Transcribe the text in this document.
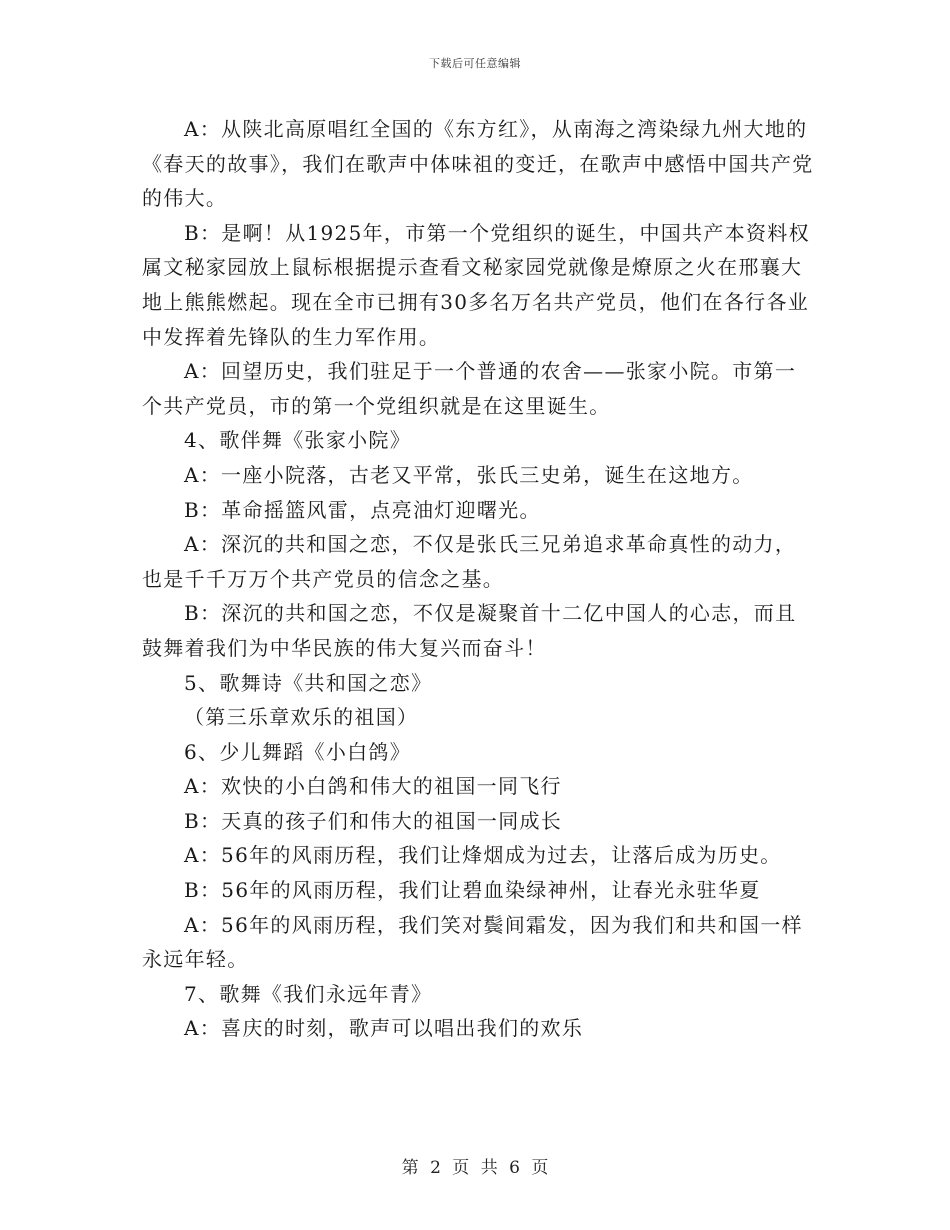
下载后可任意编辑

A：从陕北高原唱红全国的《东方红》，从南海之湾染绿九州大地的《春天的故事》，我们在歌声中体味祖的变迁，在歌声中感悟中国共产党的伟大。

B：是啊！从1925年，市第一个党组织的诞生，中国共产本资料权属文秘家园放上鼠标根据提示查看文秘家园党就像是燎原之火在邢襄大地上熊熊燃起。现在全市已拥有30多名万名共产党员，他们在各行各业中发挥着先锋队的生力军作用。

A：回望历史，我们驻足于一个普通的农舍——张家小院。市第一个共产党员，市的第一个党组织就是在这里诞生。

4、歌伴舞《张家小院》

A：一座小院落，古老又平常，张氏三史弟，诞生在这地方。

B：革命摇篮风雷，点亮油灯迎曙光。

A：深沉的共和国之恋，不仅是张氏三兄弟追求革命真性的动力，也是千千万万个共产党员的信念之基。

B：深沉的共和国之恋，不仅是凝聚首十二亿中国人的心志，而且鼓舞着我们为中华民族的伟大复兴而奋斗！

5、歌舞诗《共和国之恋》

（第三乐章欢乐的祖国）

6、少儿舞蹈《小白鸽》

A：欢快的小白鸽和伟大的祖国一同飞行

B：天真的孩子们和伟大的祖国一同成长

A：56年的风雨历程，我们让烽烟成为过去，让落后成为历史。

B：56年的风雨历程，我们让碧血染绿神州，让春光永驻华夏

A：56年的风雨历程，我们笑对鬓间霜发，因为我们和共和国一样永远年轻。

7、歌舞《我们永远年青》

A：喜庆的时刻，歌声可以唱出我们的欢乐

第 2 页 共 6 页
